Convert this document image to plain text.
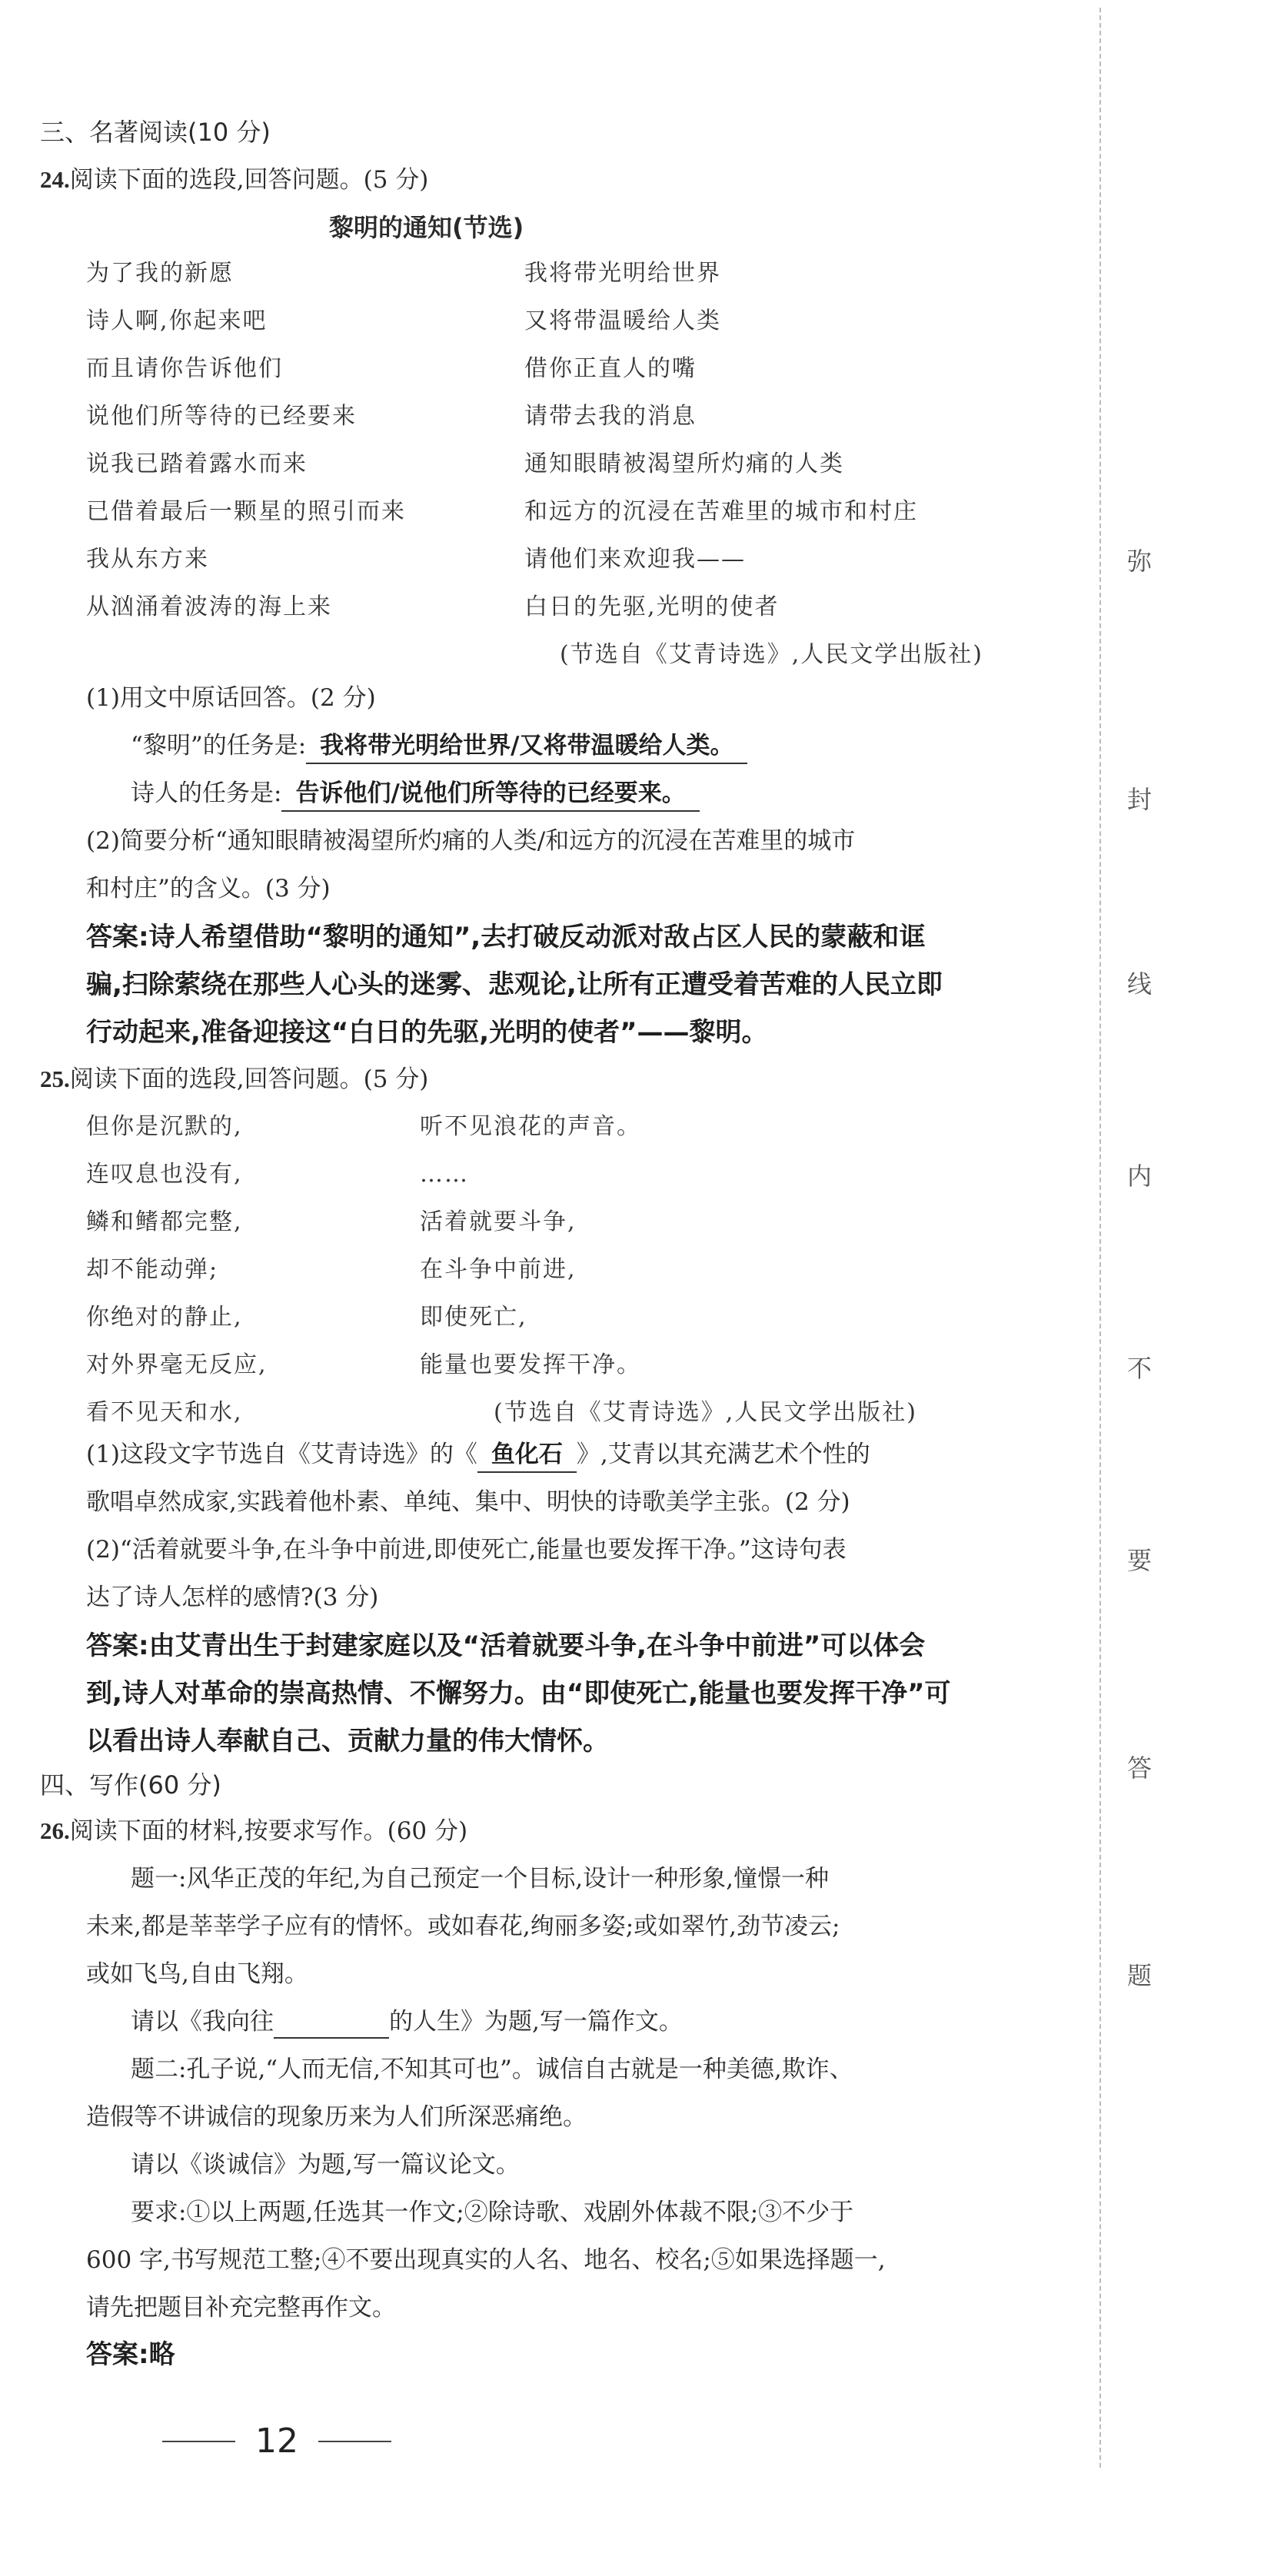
三、名著阅读(10 分)
24.阅读下面的选段,回答问题。(5 分)
黎明的通知(节选)
为了我的新愿
诗人啊,你起来吧
而且请你告诉他们
说他们所等待的已经要来
说我已踏着露水而来
已借着最后一颗星的照引而来
我从东方来
从汹涌着波涛的海上来
我将带光明给世界
又将带温暖给人类
借你正直人的嘴
请带去我的消息
通知眼睛被渴望所灼痛的人类
和远方的沉浸在苦难里的城市和村庄
请他们来欢迎我——
白日的先驱,光明的使者
(节选自《艾青诗选》,人民文学出版社)
(1)用文中原话回答。(2 分)
“黎明”的任务是: 我将带光明给世界/又将带温暖给人类。
诗人的任务是: 告诉他们/说他们所等待的已经要来。
(2)简要分析“通知眼睛被渴望所灼痛的人类/和远方的沉浸在苦难里的城市
和村庄”的含义。(3 分)
答案:诗人希望借助“黎明的通知”,去打破反动派对敌占区人民的蒙蔽和诓
骗,扫除萦绕在那些人心头的迷雾、悲观论,让所有正遭受着苦难的人民立即
行动起来,准备迎接这“白日的先驱,光明的使者”——黎明。
25.阅读下面的选段,回答问题。(5 分)
但你是沉默的,
连叹息也没有,
鳞和鳍都完整,
却不能动弹;
你绝对的静止,
对外界毫无反应,
看不见天和水,
听不见浪花的声音。
……
活着就要斗争,
在斗争中前进,
即使死亡,
能量也要发挥干净。
(节选自《艾青诗选》,人民文学出版社)
(1)这段文字节选自《艾青诗选》的《 鱼化石 》,艾青以其充满艺术个性的
歌唱卓然成家,实践着他朴素、单纯、集中、明快的诗歌美学主张。(2 分)
(2)“活着就要斗争,在斗争中前进,即使死亡,能量也要发挥干净。”这诗句表
达了诗人怎样的感情?(3 分)
答案:由艾青出生于封建家庭以及“活着就要斗争,在斗争中前进”可以体会
到,诗人对革命的崇高热情、不懈努力。由“即使死亡,能量也要发挥干净”可
以看出诗人奉献自己、贡献力量的伟大情怀。
四、写作(60 分)
26.阅读下面的材料,按要求写作。(60 分)
题一:风华正茂的年纪,为自己预定一个目标,设计一种形象,憧憬一种
未来,都是莘莘学子应有的情怀。或如春花,绚丽多姿;或如翠竹,劲节凌云;
或如飞鸟,自由飞翔。
请以《我向往	的人生》为题,写一篇作文。
题二:孔子说,“人而无信,不知其可也”。诚信自古就是一种美德,欺诈、
造假等不讲诚信的现象历来为人们所深恶痛绝。
请以《谈诚信》为题,写一篇议论文。
要求:①以上两题,任选其一作文;②除诗歌、戏剧外体裁不限;③不少于
600 字,书写规范工整;④不要出现真实的人名、地名、校名;⑤如果选择题一,
请先把题目补充完整再作文。
答案:略
弥
封
线
内
不
要
答
题
12
